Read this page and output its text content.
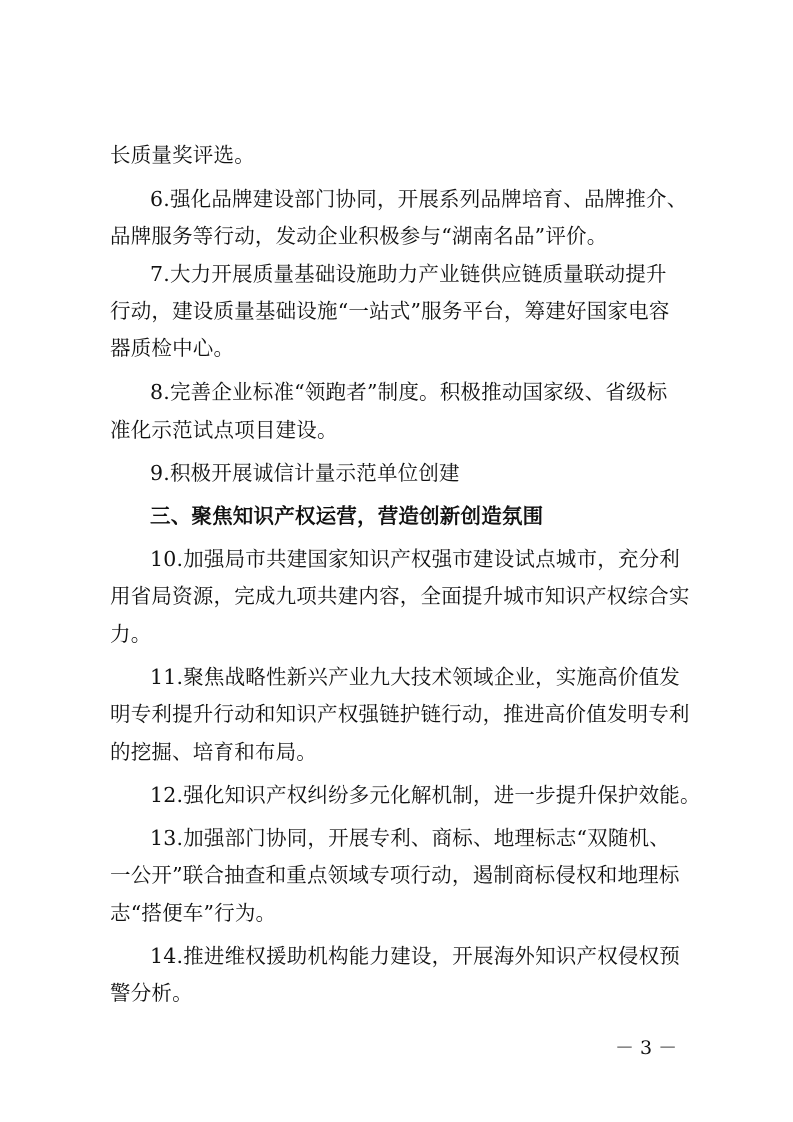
长质量奖评选。
6.强化品牌建设部门协同，开展系列品牌培育、品牌推介、
品牌服务等行动，发动企业积极参与“湖南名品”评价。
7.大力开展质量基础设施助力产业链供应链质量联动提升
行动，建设质量基础设施“一站式”服务平台，筹建好国家电容
器质检中心。
8.完善企业标准“领跑者”制度。积极推动国家级、省级标
准化示范试点项目建设。
9.积极开展诚信计量示范单位创建
三、聚焦知识产权运营，营造创新创造氛围
10.加强局市共建国家知识产权强市建设试点城市，充分利
用省局资源，完成九项共建内容，全面提升城市知识产权综合实
力。
11.聚焦战略性新兴产业九大技术领域企业，实施高价值发
明专利提升行动和知识产权强链护链行动，推进高价值发明专利
的挖掘、培育和布局。
12.强化知识产权纠纷多元化解机制，进一步提升保护效能。
13.加强部门协同，开展专利、商标、地理标志“双随机、
一公开”联合抽查和重点领域专项行动，遏制商标侵权和地理标
志“搭便车”行为。
14.推进维权援助机构能力建设，开展海外知识产权侵权预
警分析。
－ 3 －
